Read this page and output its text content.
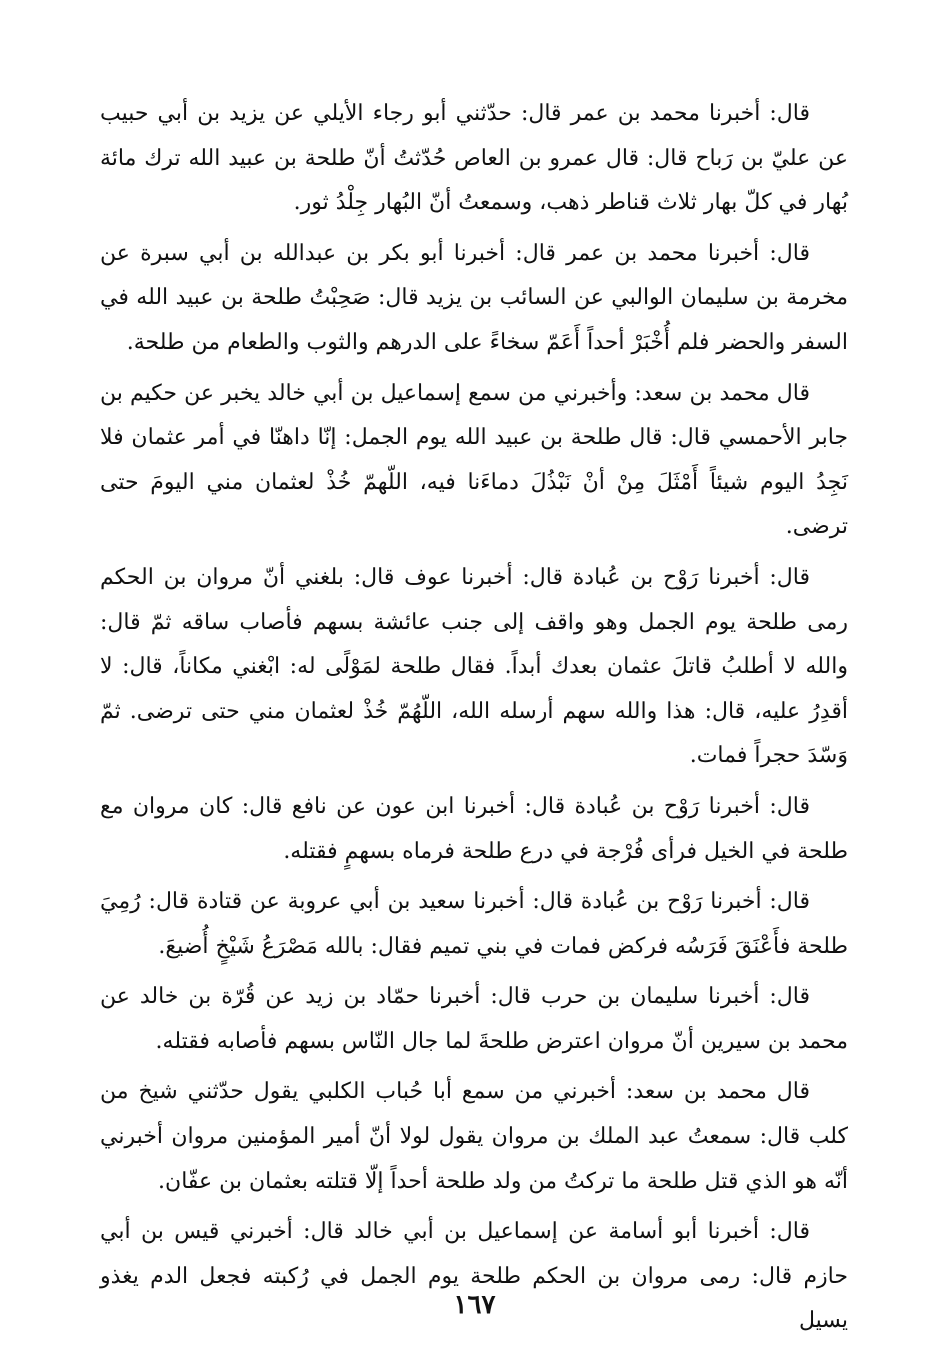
قال: أخبرنا محمد بن عمر قال: حدّثني أبو رجاء الأيلي عن يزيد بن أبي حبيب عن عليّ بن رَباح قال: قال عمرو بن العاص حُدّثتُ أنّ طلحة بن عبيد الله ترك مائة بُهار في كلّ بهار ثلاث قناطر ذهب، وسمعتُ أنّ البُهار جِلْدُ ثور.

قال: أخبرنا محمد بن عمر قال: أخبرنا أبو بكر بن عبدالله بن أبي سبرة عن مخرمة بن سليمان الوالبي عن السائب بن يزيد قال: صَحِبْتُ طلحة بن عبيد الله في السفر والحضر فلم أُخْبَرْ أحداً أَعَمّ سخاءً على الدرهم والثوب والطعام من طلحة.

قال محمد بن سعد: وأخبرني من سمع إسماعيل بن أبي خالد يخبر عن حكيم بن جابر الأحمسي قال: قال طلحة بن عبيد الله يوم الجمل: إنّا داهنّا في أمر عثمان فلا نَجِدُ اليوم شيئاً أَمْثَلَ مِنْ أنْ نَبْذُلَ دماءَنا فيه، اللّهمّ خُذْ لعثمان مني اليومَ حتى ترضى.

قال: أخبرنا رَوْح بن عُبادة قال: أخبرنا عوف قال: بلغني أنّ مروان بن الحكم رمى طلحة يوم الجمل وهو واقف إلى جنب عائشة بسهم فأصاب ساقه ثمّ قال: والله لا أطلبُ قاتلَ عثمان بعدك أبداً. فقال طلحة لمَوْلًى له: ابْغني مكاناً، قال: لا أقدِرُ عليه، قال: هذا والله سهم أرسله الله، اللّهُمّ خُذْ لعثمان مني حتى ترضى. ثمّ وَسّدَ حجراً فمات.

قال: أخبرنا رَوْح بن عُبادة قال: أخبرنا ابن عون عن نافع قال: كان مروان مع طلحة في الخيل فرأى فُرْجة في درع طلحة فرماه بسهمٍ فقتله.

قال: أخبرنا رَوْح بن عُبادة قال: أخبرنا سعيد بن أبي عروبة عن قتادة قال: رُمِيَ طلحة فأَعْنَقَ فَرَسُه فركض فمات في بني تميم فقال: بالله مَصْرَعُ شَيْخٍ أُضيعَ.

قال: أخبرنا سليمان بن حرب قال: أخبرنا حمّاد بن زيد عن قُرّة بن خالد عن محمد بن سيرين أنّ مروان اعترض طلحةَ لما جال النّاس بسهم فأصابه فقتله.

قال محمد بن سعد: أخبرني من سمع أبا حُباب الكلبي يقول حدّثني شيخ من كلب قال: سمعتُ عبد الملك بن مروان يقول لولا أنّ أمير المؤمنين مروان أخبرني أنّه هو الذي قتل طلحة ما تركتُ من ولد طلحة أحداً إلّا قتلته بعثمان بن عفّان.

قال: أخبرنا أبو أسامة عن إسماعيل بن أبي خالد قال: أخبرني قيس بن أبي حازم قال: رمى مروان بن الحكم طلحة يوم الجمل في رُكبته فجعل الدم يغذو يسيل

١٦٧
